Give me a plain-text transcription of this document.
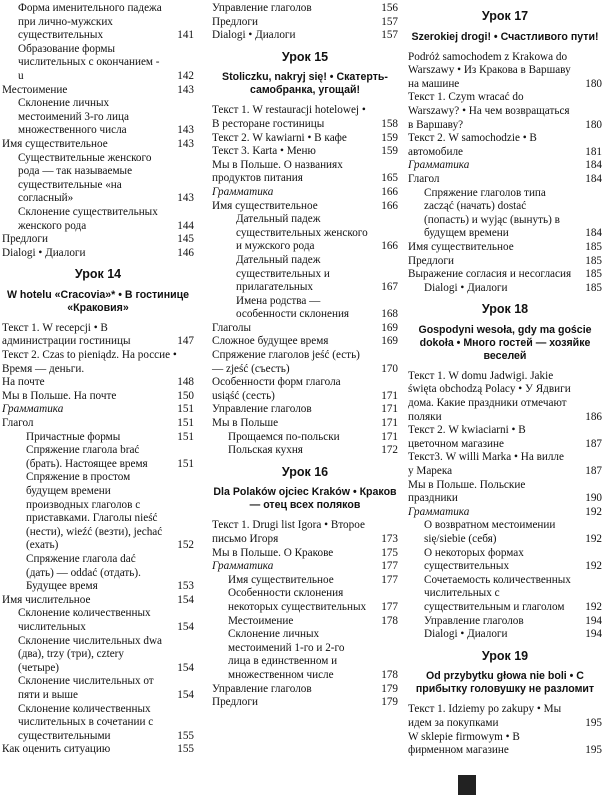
Форма именительного падежа при лично-мужских существительных	141
Образование формы числительных с окончанием -u	142
Местоимение	143
Склонение личных местоимений 3-го лица множественного числа	143
Имя существительное	143
Существительные женского рода — так называемые существительные «на согласный»	143
Склонение существительных женского рода	144
Предлоги	145
Dialogi • Диалоги	146
Урок 14
W hotelu «Cracovia»* • В гостинице «Краковия»
Текст 1. W recepcji • В администрации гостиницы	147
Текст 2. Czas to pieniądz. На россие • Время — деньги.
На почте	148
Мы в Польше. На почте	150
Грамматика	151
Глагол	151
Причастные формы	151
Спряжение глагола brać (брать). Настоящее время	151
Спряжение в простом будущем времени производных глаголов с приставками. Глаголы nieść (нести), wieźć (везти), jechać (ехать)	152
Спряжение глагола dać (дать) — oddać (отдать). Будущее время	153
Имя числительное	154
Склонение количественных числительных	154
Склонение числительных dwa (два), trzy (три), cztery (четыре)	154
Склонение числительных от пяти и выше	154
Склонение количественных числительных в сочетании с существительными	155
Как оценить ситуацию	155
Управление глаголов	156
Предлоги	157
Dialogi • Диалоги	157
Урок 15
Stoliczku, nakryj się! • Скатерть-самобранка, угощай!
Текст 1. W restauracji hotelowej • В ресторане гостиницы	158
Текст 2. W kawiarni • В кафе	159
Текст 3. Karta • Меню	159
Мы в Польше. О названиях продуктов питания	165
Грамматика	166
Имя существительное	166
Дательный падеж существительных женского и мужского рода	166
Дательный падеж существительных и прилагательных	167
Имена родства — особенности склонения	168
Глаголы	169
Сложное будущее время	169
Спряжение глаголов jeść (есть) — zjeść (съесть)	170
Особенности форм глагола usiąść (сесть)	171
Управление глаголов	171
Мы в Польше	171
Прощаемся по-польски	171
Польская кухня	172
Урок 16
Dla Polaków ojciec Kraków • Краков — отец всех поляков
Текст 1. Drugi list Igora • Второе письмо Игоря	173
Мы в Польше. О Кракове	175
Грамматика	177
Имя существительное	177
Особенности склонения некоторых существительных 177
Местоимение	178
Склонение личных местоимений 1-го и 2-го лица в единственном и множественном числе	178
Управление глаголов	179
Предлоги	179
Урок 17
Szerokiej drogi! • Счастливого пути!
Podróż samochodem z Krakowa do Warszawy • Из Кракова в Варшаву на машине	180
Текст 1. Czym wracać do Warszawy? • На чем возвращаться в Варшаву?	180
Текст 2. W samochodzie • В автомобиле	181
Грамматика	184
Глагол	184
Спряжение глаголов типа zacząć (начать) dostać (попасть) и wyjąc (вынуть) в будущем времени	184
Имя существительное	185
Предлоги	185
Выражение согласия и несогласия 185
Dialogi • Диалоги	185
Урок 18
Gospodyni wesoła, gdy ma goście dokoła • Много гостей — хозяйке веселей
Текст 1. W domu Jadwigi. Jakie święta obchodzą Polacy • У Ядвиги дома. Какие праздники отмечают поляки	186
Текст 2. W kwiaciarni • В цветочном магазине	187
Текст3. W willi Marka • На вилле у Марека	187
Мы в Польше. Польские праздники	190
Грамматика	192
О возвратном местоимении się/siebie (себя)	192
О некоторых формах существительных	192
Сочетаемость количественных числительных с существительным и глаголом 192
Управление глаголов	194
Dialogi • Диалоги	194
Урок 19
Od przybytku głowa nie boli • С прибытку головушку не разломит
Текст 1. Idziemy po zakupy • Мы идем за покупками	195
W sklepie firmowym • В фирменном магазине	195
